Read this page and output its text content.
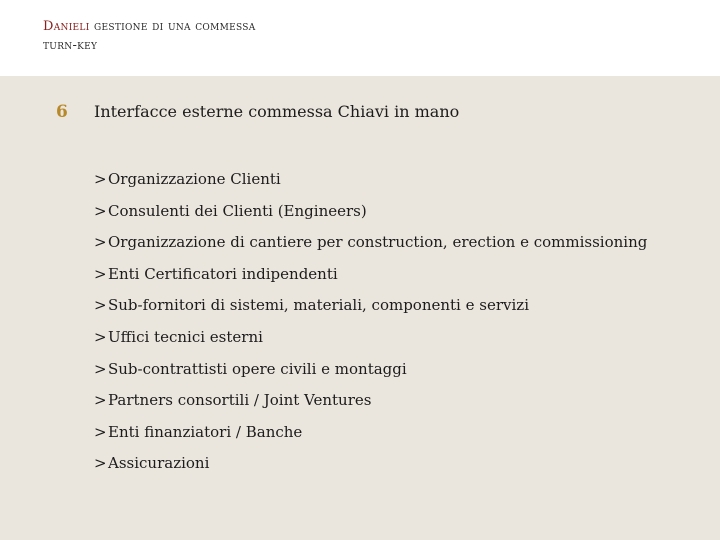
Danieli gestione di una commessa
turn-key
6 Interfacce esterne commessa Chiavi in mano
>Organizzazione Clienti
>Consulenti dei Clienti (Engineers)
>Organizzazione di cantiere per construction, erection e commissioning
>Enti Certificatori indipendenti
>Sub-fornitori di sistemi, materiali, componenti e servizi
>Uffici tecnici esterni
>Sub-contrattisti opere civili e montaggi
>Partners consortili / Joint Ventures
>Enti finanziatori / Banche
>Assicurazioni
